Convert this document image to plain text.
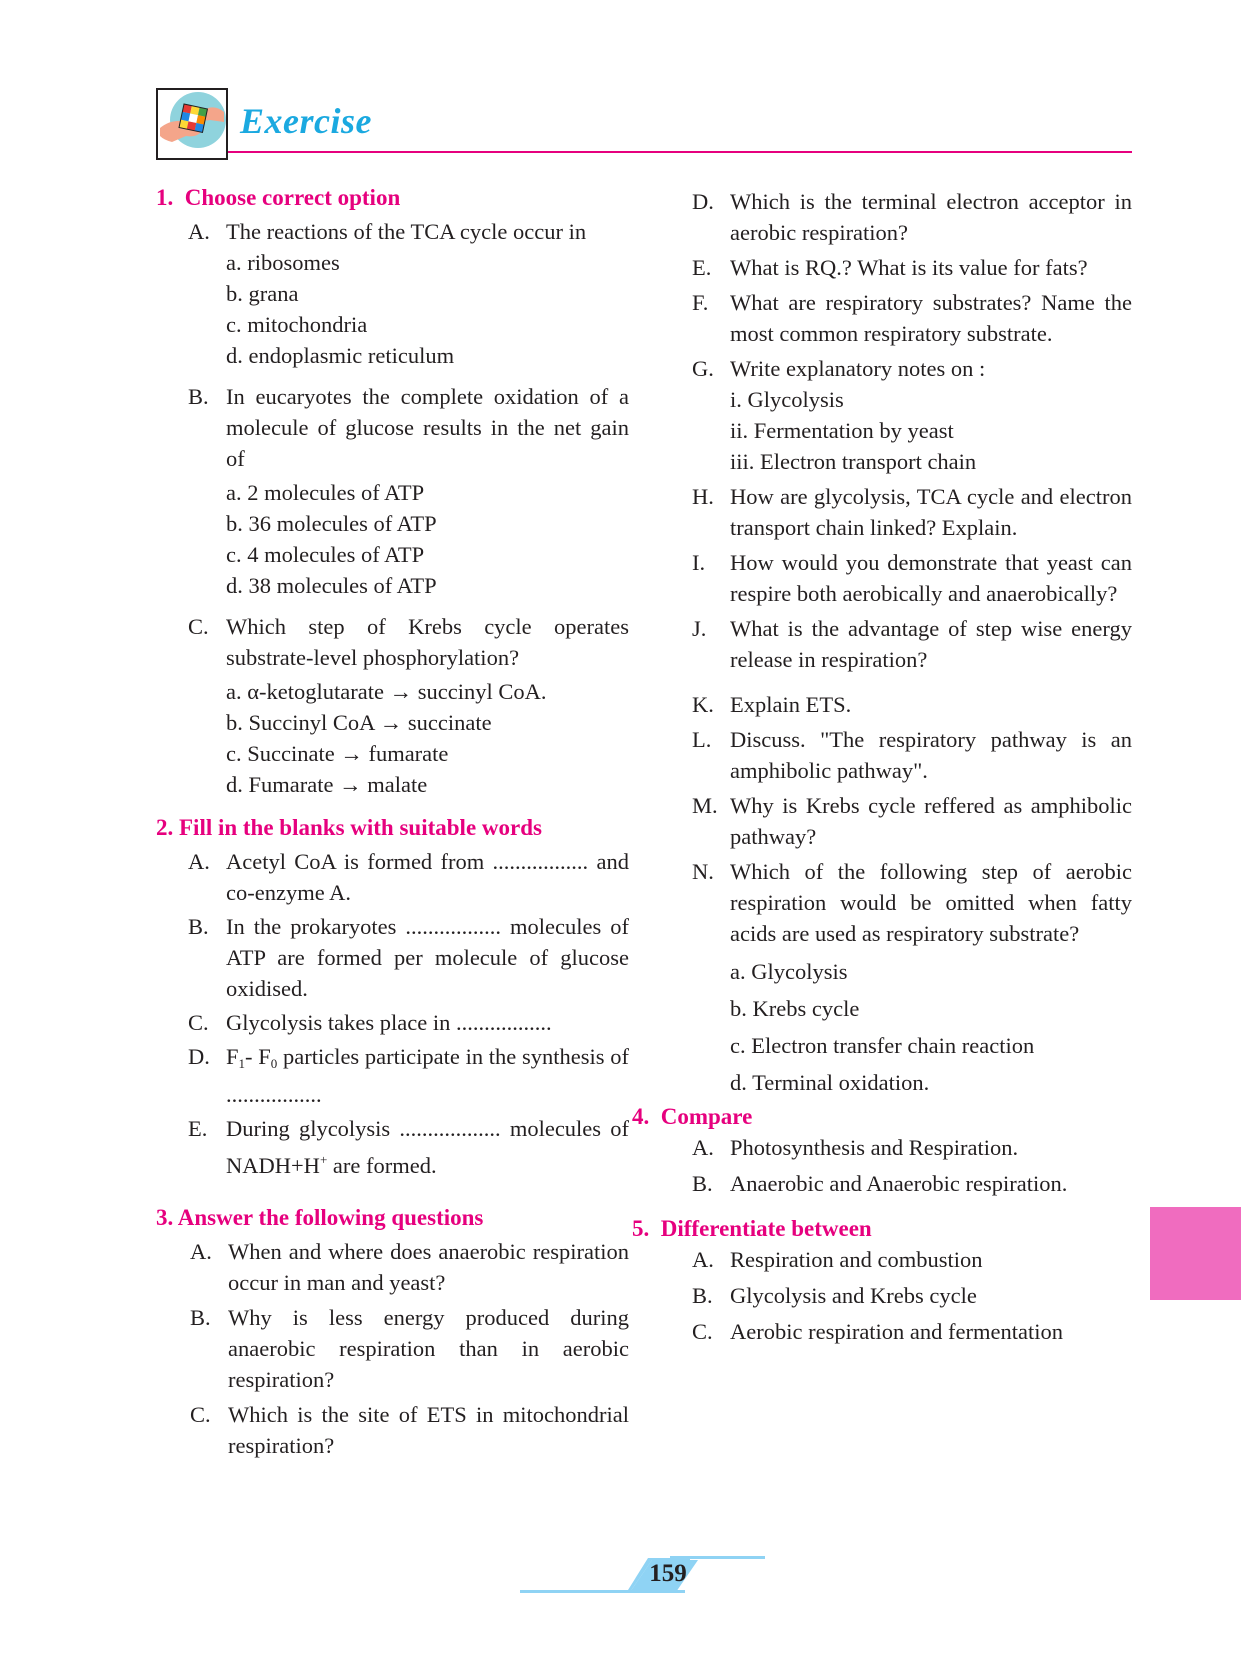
Exercise
1. Choose correct option
A. The reactions of the TCA cycle occur in
a. ribosomes
b. grana
c. mitochondria
d. endoplasmic reticulum
B. In eucaryotes the complete oxidation of a molecule of glucose results in the net gain of
a. 2 molecules of ATP
b. 36 molecules of ATP
c. 4 molecules of ATP
d. 38 molecules of ATP
C. Which step of Krebs cycle operates substrate-level phosphorylation?
a. α-ketoglutarate → succinyl CoA.
b. Succinyl CoA → succinate
c. Succinate → fumarate
d. Fumarate → malate
2. Fill in the blanks with suitable words
A. Acetyl CoA is formed from ................. and co-enzyme A.
B. In the prokaryotes ................. molecules of ATP are formed per molecule of glucose oxidised.
C. Glycolysis takes place in .................
D. $F_1-$ $F_0$ particles participate in the synthesis of .................
E. During glycolysis .................. molecules of NADH+H+ are formed.
3. Answer the following questions
A. When and where does anaerobic respiration occur in man and yeast?
B. Why is less energy produced during anaerobic respiration than in aerobic respiration?
C. Which is the site of ETS in mitochondrial respiration?
D. Which is the terminal electron acceptor in aerobic respiration?
E. What is RQ.? What is its value for fats?
F. What are respiratory substrates? Name the most common respiratory substrate.
G. Write explanatory notes on :
i. Glycolysis
ii. Fermentation by yeast
iii. Electron transport chain
H. How are glycolysis, TCA cycle and electron transport chain linked? Explain.
I. How would you demonstrate that yeast can respire both aerobically and anaerobically?
J. What is the advantage of step wise energy release in respiration?
K. Explain ETS.
L. Discuss. "The respiratory pathway is an amphibolic pathway".
M. Why is Krebs cycle reffered as amphibolic pathway?
N. Which of the following step of aerobic respiration would be omitted when fatty acids are used as respiratory substrate?
a. Glycolysis
b. Krebs cycle
c. Electron transfer chain reaction
d. Terminal oxidation.
4. Compare
A. Photosynthesis and Respiration.
B. Anaerobic and Anaerobic respiration.
5. Differentiate between
A. Respiration and combustion
B. Glycolysis and Krebs cycle
C. Aerobic respiration and fermentation
159
